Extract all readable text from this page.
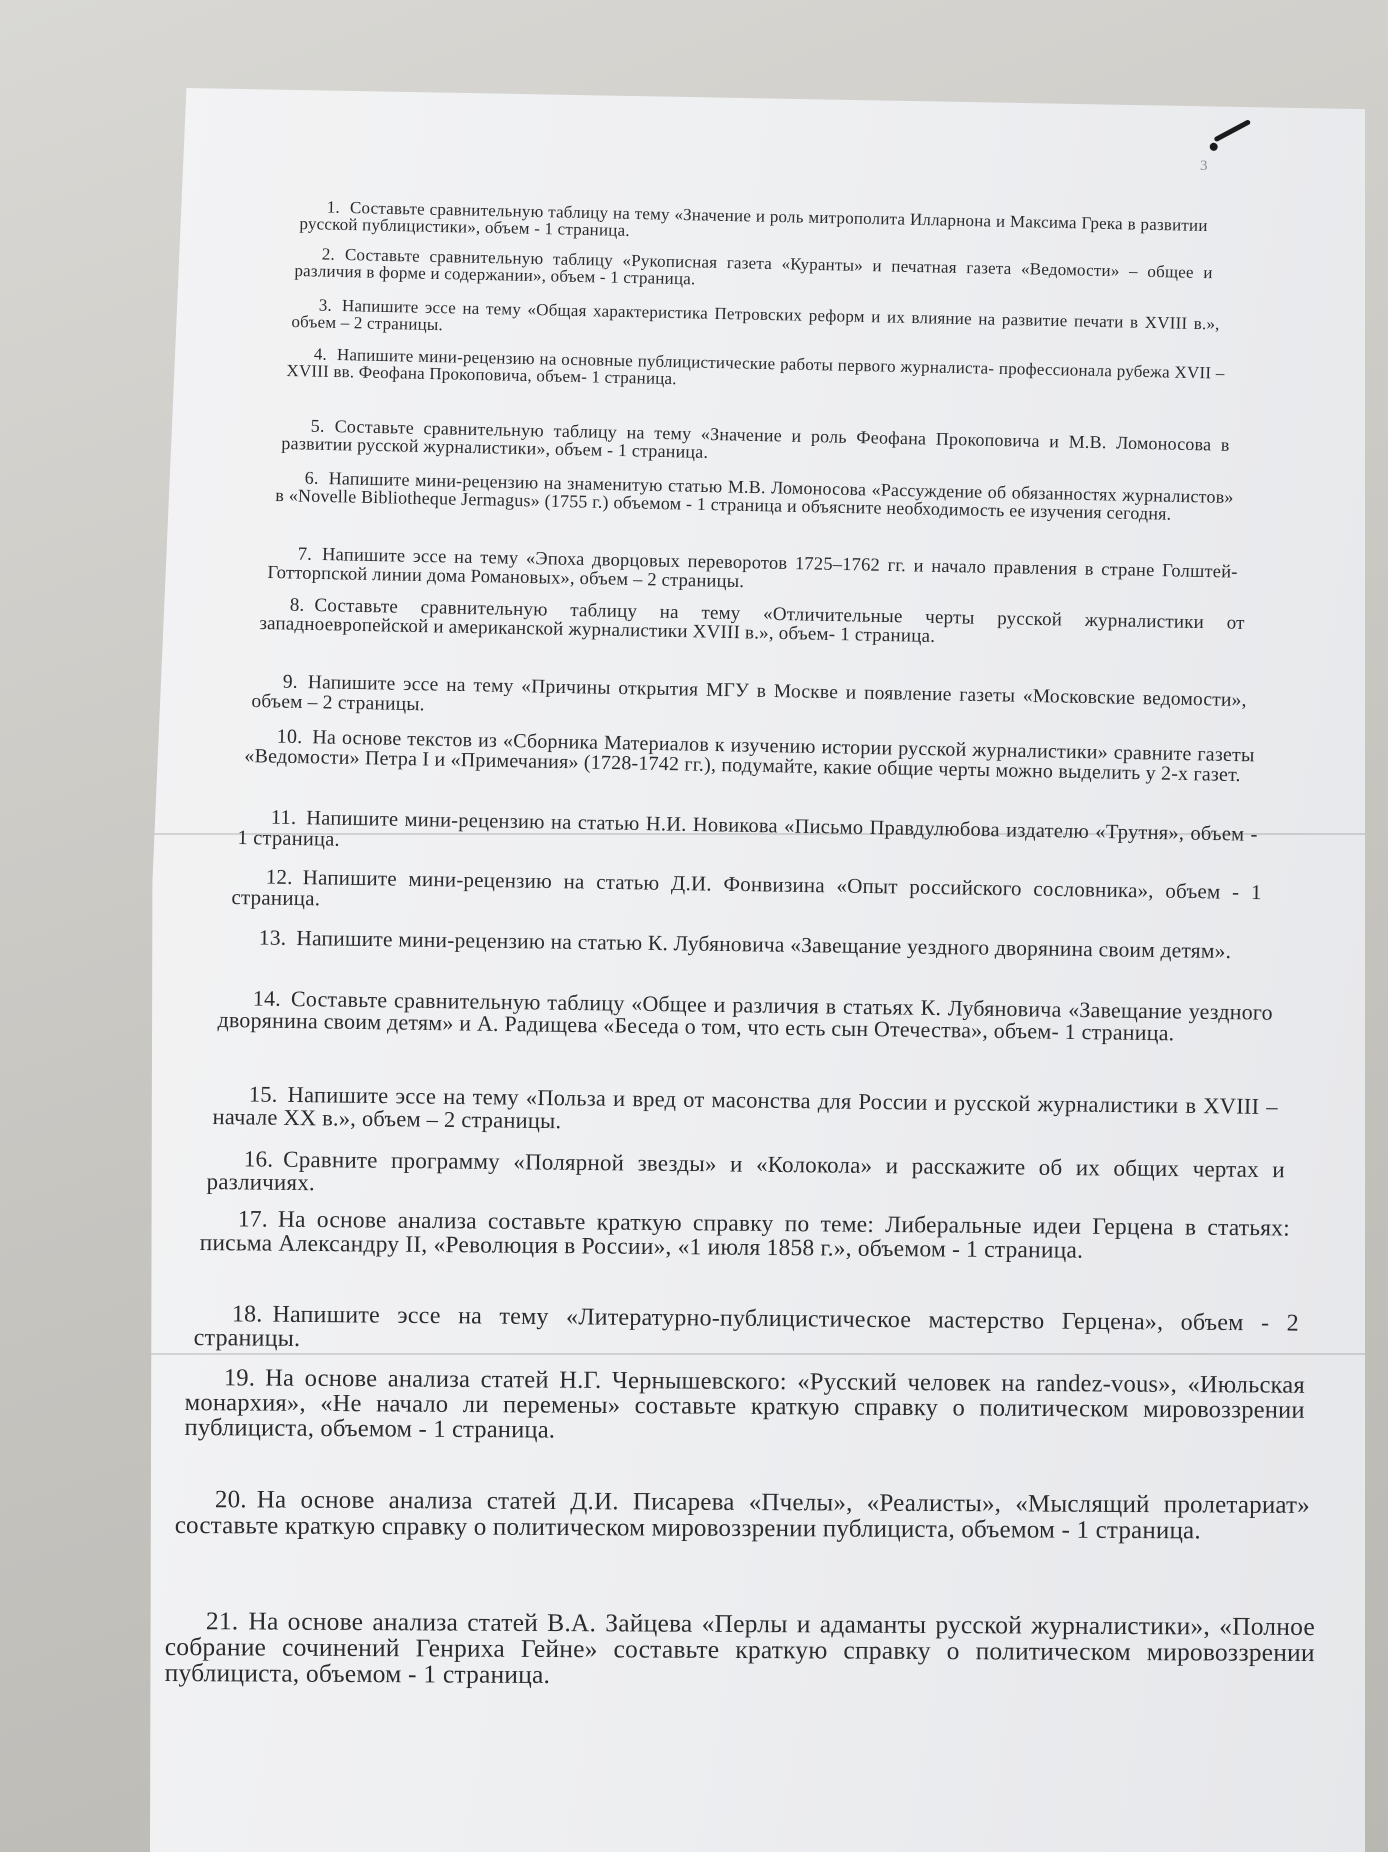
3
1. Составьте сравнительную таблицу на тему «Значение и роль митрополита Илларнона и Максима Грека в развитии русской публицистики», объем - 1 страница.
2. Составьте сравнительную таблицу «Рукописная газета «Куранты» и печатная газета «Ведомости» – общее и различия в форме и содержании», объем - 1 страница.
3. Напишите эссе на тему «Общая характеристика Петровских реформ и их влияние на развитие печати в XVIII в.», объем – 2 страницы.
4. Напишите мини-рецензию на основные публицистические работы первого журналиста- профессионала рубежа XVII – XVIII вв. Феофана Прокоповича, объем- 1 страница.
5. Составьте сравнительную таблицу на тему «Значение и роль Феофана Прокоповича и М.В. Ломоносова в развитии русской журналистики», объем - 1 страница.
6. Напишите мини-рецензию на знаменитую статью М.В. Ломоносова «Рассуждение об обязанностях журналистов» в «Novelle Bibliotheque Jermagus» (1755 г.) объемом - 1 страница и объясните необходимость ее изучения сегодня.
7. Напишите эссе на тему «Эпоха дворцовых переворотов 1725–1762 гг. и начало правления в стране Голштей-Готторпской линии дома Романовых», объем – 2 страницы.
8. Составьте сравнительную таблицу на тему «Отличительные черты русской журналистики от западноевропейской и американской журналистики XVIII в.», объем- 1 страница.
9. Напишите эссе на тему «Причины открытия МГУ в Москве и появление газеты «Московские ведомости», объем – 2 страницы.
10. На основе текстов из «Сборника Материалов к изучению истории русской журналистики» сравните газеты «Ведомости» Петра I и «Примечания» (1728-1742 гг.), подумайте, какие общие черты можно выделить у 2-х газет.
11. Напишите мини-рецензию на статью Н.И. Новикова «Письмо Правдулюбова издателю «Трутня», объем - 1 страница.
12. Напишите мини-рецензию на статью Д.И. Фонвизина «Опыт российского сословника», объем - 1 страница.
13. Напишите мини-рецензию на статью К. Лубяновича «Завещание уездного дворянина своим детям».
14. Составьте сравнительную таблицу «Общее и различия в статьях К. Лубяновича «Завещание уездного дворянина своим детям» и А. Радищева «Беседа о том, что есть сын Отечества», объем- 1 страница.
15. Напишите эссе на тему «Польза и вред от масонства для России и русской журналистики в XVIII – начале XX в.», объем – 2 страницы.
16. Сравните программу «Полярной звезды» и «Колокола» и расскажите об их общих чертах и различиях.
17. На основе анализа составьте краткую справку по теме: Либеральные идеи Герцена в статьях: письма Александру II, «Революция в России», «1 июля 1858 г.», объемом - 1 страница.
18. Напишите эссе на тему «Литературно-публицистическое мастерство Герцена», объем - 2 страницы.
19. На основе анализа статей Н.Г. Чернышевского: «Русский человек на randez-vous», «Июльская монархия», «Не начало ли перемены» составьте краткую справку о политическом мировоззрении публициста, объемом - 1 страница.
20. На основе анализа статей Д.И. Писарева «Пчелы», «Реалисты», «Мыслящий пролетариат» составьте краткую справку о политическом мировоззрении публициста, объемом - 1 страница.
21. На основе анализа статей В.А. Зайцева «Перлы и адаманты русской журналистики», «Полное собрание сочинений Генриха Гейне» составьте краткую справку о политическом мировоззрении публициста, объемом - 1 страница.
